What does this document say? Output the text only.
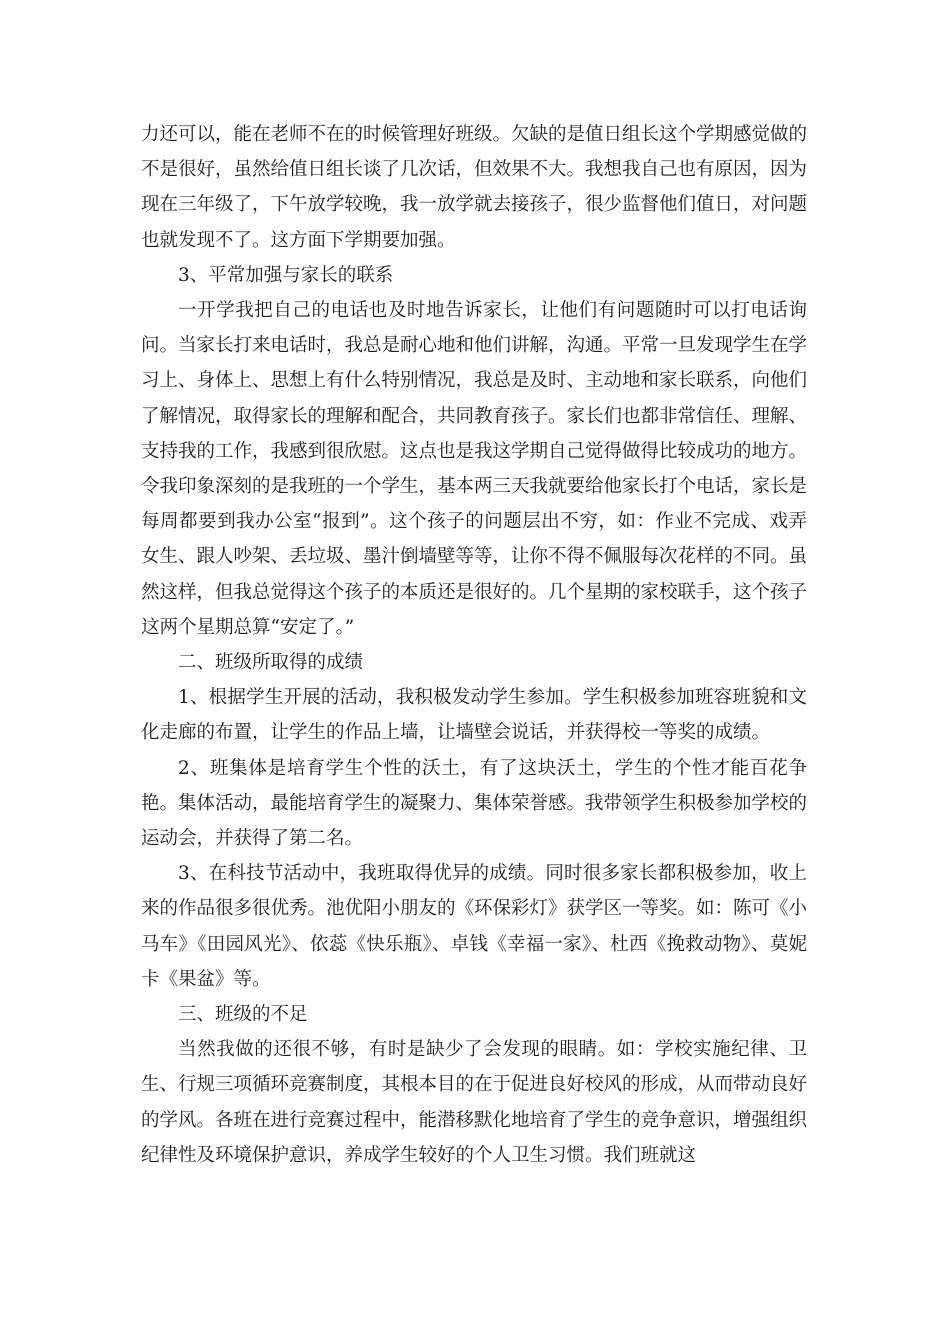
力还可以，能在老师不在的时候管理好班级。欠缺的是值日组长这个学期感觉做的不是很好，虽然给值日组长谈了几次话，但效果不大。我想我自己也有原因，因为现在三年级了，下午放学较晚，我一放学就去接孩子，很少监督他们值日，对问题也就发现不了。这方面下学期要加强。

3、平常加强与家长的联系

一开学我把自己的电话也及时地告诉家长，让他们有问题随时可以打电话询问。当家长打来电话时，我总是耐心地和他们讲解，沟通。平常一旦发现学生在学习上、身体上、思想上有什么特别情况，我总是及时、主动地和家长联系，向他们了解情况，取得家长的理解和配合，共同教育孩子。家长们也都非常信任、理解、支持我的工作，我感到很欣慰。这点也是我这学期自己觉得做得比较成功的地方。令我印象深刻的是我班的一个学生，基本两三天我就要给他家长打个电话，家长是每周都要到我办公室“报到”。这个孩子的问题层出不穷，如：作业不完成、戏弄女生、跟人吵架、丢垃圾、墨汁倒墙壁等等，让你不得不佩服每次花样的不同。虽然这样，但我总觉得这个孩子的本质还是很好的。几个星期的家校联手，这个孩子这两个星期总算“安定了。”

二、班级所取得的成绩

1、根据学生开展的活动，我积极发动学生参加。学生积极参加班容班貌和文化走廊的布置，让学生的作品上墙，让墙壁会说话，并获得校一等奖的成绩。

2、班集体是培育学生个性的沃土，有了这块沃土，学生的个性才能百花争艳。集体活动，最能培育学生的凝聚力、集体荣誉感。我带领学生积极参加学校的运动会，并获得了第二名。

3、在科技节活动中，我班取得优异的成绩。同时很多家长都积极参加，收上来的作品很多很优秀。池优阳小朋友的《环保彩灯》获学区一等奖。如：陈可《小马车》《田园风光》、依蕊《快乐瓶》、卓钱《幸福一家》、杜西《挽救动物》、莫妮卡《果盆》等。

三、班级的不足

当然我做的还很不够，有时是缺少了会发现的眼睛。如：学校实施纪律、卫生、行规三项循环竞赛制度，其根本目的在于促进良好校风的形成，从而带动良好的学风。各班在进行竞赛过程中，能潜移默化地培育了学生的竞争意识，增强组织纪律性及环境保护意识，养成学生较好的个人卫生习惯。我们班就这
